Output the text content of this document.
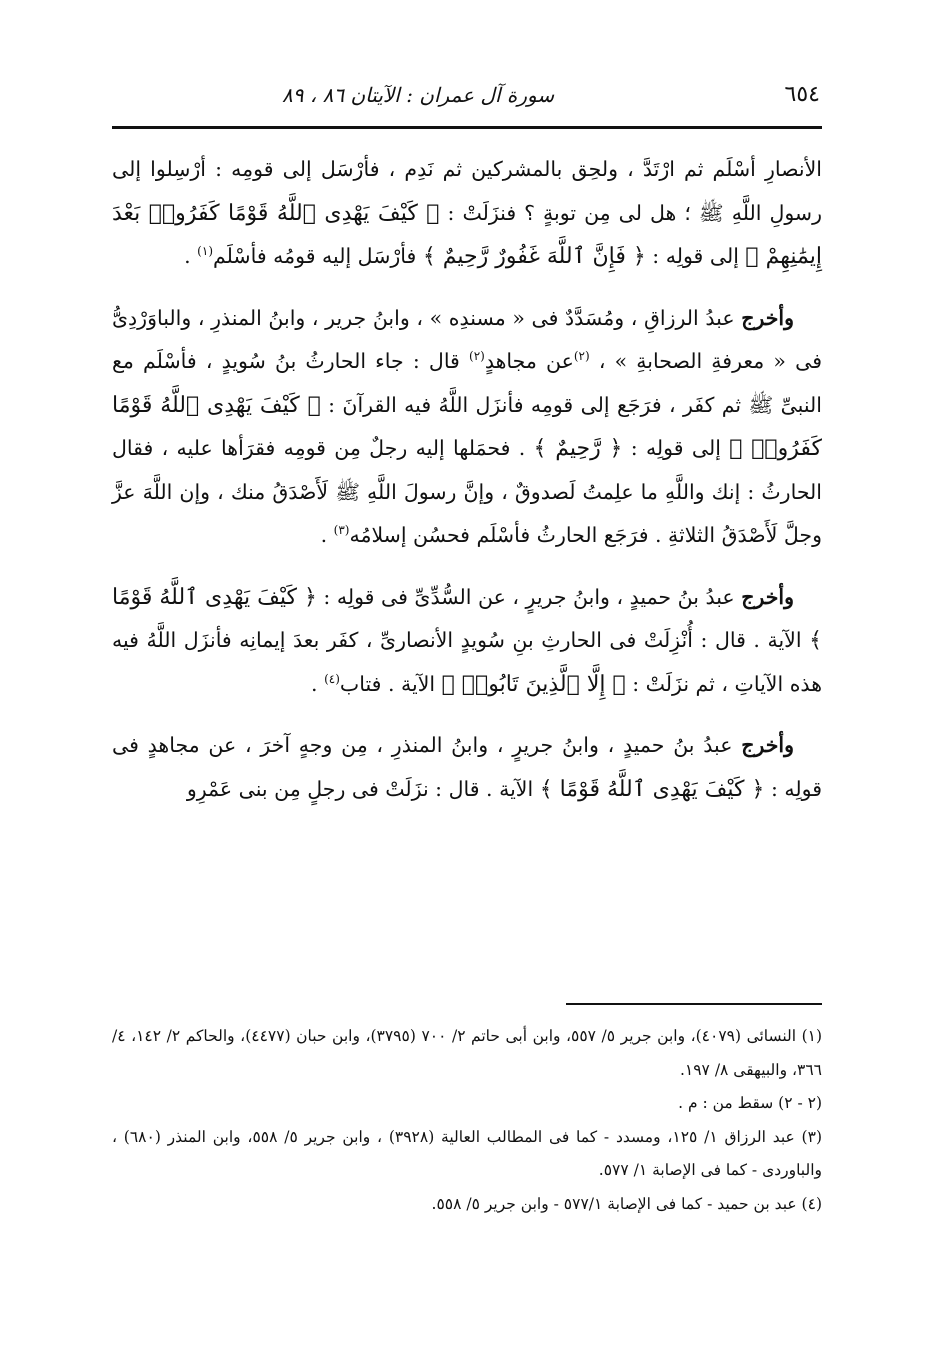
٦٥٤
سورة آل عمران : الآيتان ٨٦ ، ٨٩

الأنصارِ أسْلَم ثم ارْتَدَّ ، ولحِق بالمشركين ثم نَدِم ، فأرْسَل إلى قومِه : أرْسِلوا إلى رسولِ اللَّهِ ﷺ ؛ هل لى مِن توبةٍ ؟ فنزَلَتْ : ﴿ كَيْفَ يَهْدِى ٱللَّهُ قَوْمًا كَفَرُوا۟ بَعْدَ إِيمَٰنِهِمْ ﴾ إلى قولِه : ﴿ فَإِنَّ ٱللَّهَ غَفُورٌ رَّحِيمٌ ﴾ فأرْسَل إليه قومُه فأسْلَم$^{(١)}$ .

وأخرج عبدُ الرزاقِ ، ومُسَدَّدٌ فى « مسندِه » ، وابنُ جرير ، وابنُ المنذرِ ، والباوَرْدِىُّ فى « معرفةِ الصحابةِ » ، $^{(٢)}$عن مجاهدٍ$^{(٢)}$ قال : جاء الحارثُ بنُ سُويدٍ ، فأسْلَم مع النبىِّ ﷺ ثم كفَر ، فرَجَع إلى قومِه فأنزَل اللَّهُ فيه القرآنَ : ﴿ كَيْفَ يَهْدِى ٱللَّهُ قَوْمًا كَفَرُوا۟ ﴾ إلى قولِه : ﴿ رَّحِيمٌ ﴾ . فحمَلها إليه رجلٌ مِن قومِه فقرَأها عليه ، فقال الحارثُ : إنك واللَّهِ ما علِمتُ لَصدوقٌ ، وإنَّ رسولَ اللَّهِ ﷺ لَأَصْدَقُ منك ، وإن اللَّهَ عزَّ وجلَّ لَأَصْدَقُ الثلاثةِ . فرَجَع الحارثُ فأسْلَم فحسُن إسلامُه$^{(٣)}$ .

وأخرج عبدُ بنُ حميدٍ ، وابنُ جريرٍ ، عن السُّدِّىِّ فى قولِه : ﴿ كَيْفَ يَهْدِى ٱللَّهُ قَوْمًا ﴾ الآية . قال : أُنْزِلَتْ فى الحارثِ بنِ سُويدٍ الأنصارىِّ ، كفَر بعدَ إيمانِه فأنزَل اللَّهُ فيه هذه الآياتِ ، ثم نزَلَتْ : ﴿ إِلَّا ٱلَّذِينَ تَابُوا۟ ﴾ الآية . فتاب$^{(٤)}$ .

وأخرج عبدُ بنُ حميدٍ ، وابنُ جريرٍ ، وابنُ المنذرِ ، مِن وجهٍ آخرَ ، عن مجاهدٍ فى قولِه : ﴿ كَيْفَ يَهْدِى ٱللَّهُ قَوْمًا ﴾ الآية . قال : نزَلَتْ فى رجلٍ مِن بنى عَمْرِو

(١) النسائى (٤٠٧٩)، وابن جرير ٥/ ٥٥٧، وابن أبى حاتم ٢/ ٧٠٠ (٣٧٩٥)، وابن حبان (٤٤٧٧)، والحاكم ٢/ ١٤٢، ٤/ ٣٦٦، والبيهقى ٨/ ١٩٧.

(٢ - ٢) سقط من : م .

(٣) عبد الرزاق ١/ ١٢٥، ومسدد - كما فى المطالب العالية (٣٩٢٨) ، وابن جرير ٥/ ٥٥٨، وابن المنذر (٦٨٠) ، والباوردى - كما فى الإصابة ١/ ٥٧٧.

(٤) عبد بن حميد - كما فى الإصابة ٥٧٧/١ - وابن جرير ٥/ ٥٥٨.
